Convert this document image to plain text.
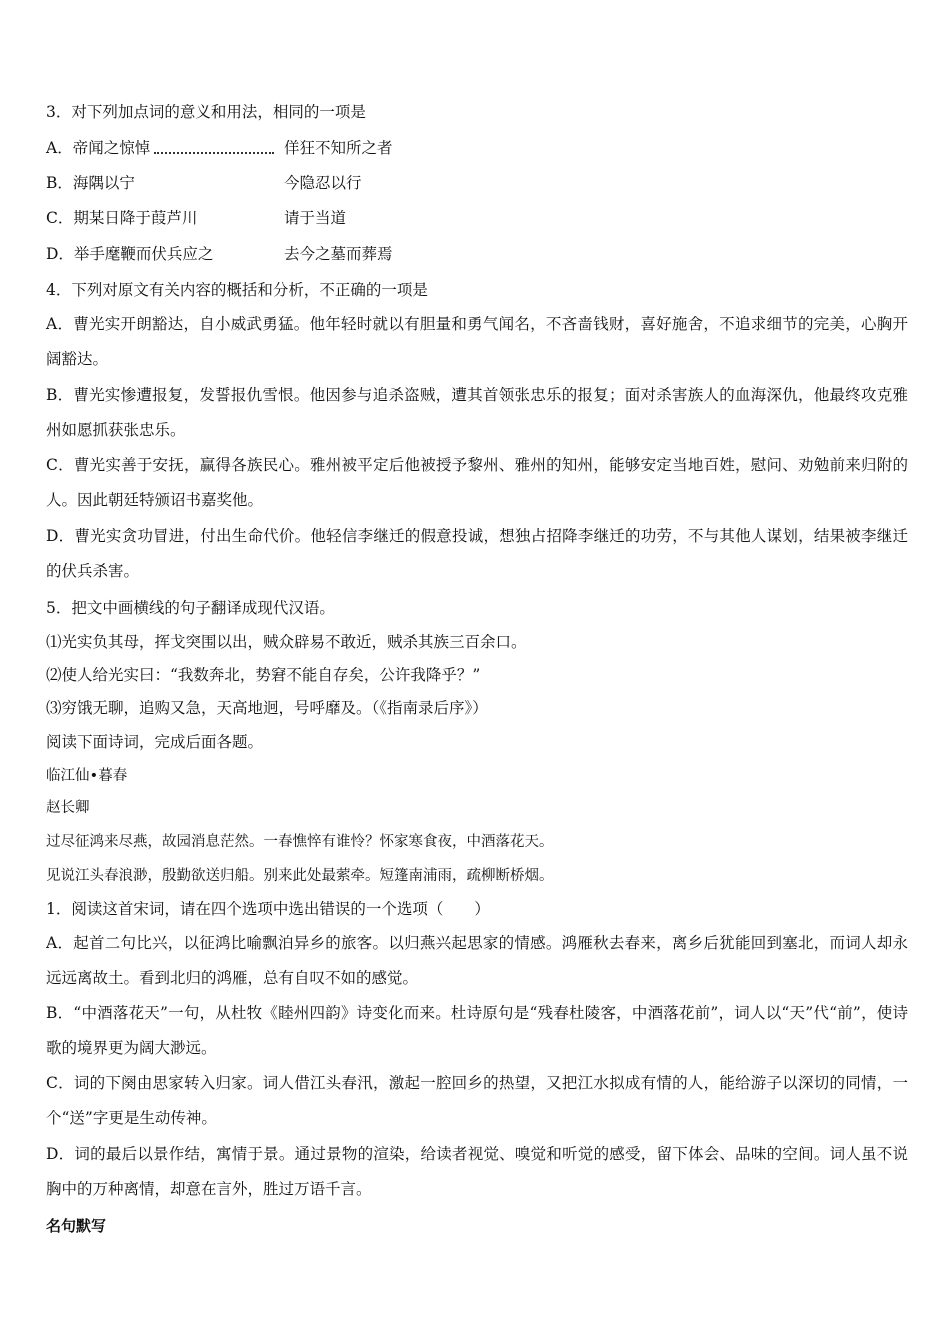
3．对下列加点词的意义和用法，相同的一项是
A．帝闻之惊悼	佯狂不知所之者
B．海隅以宁	今隐忍以行
C．期某日降于葭芦川	请于当道
D．举手麾鞭而伏兵应之	去今之墓而葬焉
4．下列对原文有关内容的概括和分析，不正确的一项是
A．曹光实开朗豁达，自小威武勇猛。他年轻时就以有胆量和勇气闻名，不吝啬钱财，喜好施舍，不追求细节的完美，心胸开阔豁达。
B．曹光实惨遭报复，发誓报仇雪恨。他因参与追杀盗贼，遭其首领张忠乐的报复；面对杀害族人的血海深仇，他最终攻克雅州如愿抓获张忠乐。
C．曹光实善于安抚，赢得各族民心。雅州被平定后他被授予黎州、雅州的知州，能够安定当地百姓，慰问、劝勉前来归附的人。因此朝廷特颁诏书嘉奖他。
D．曹光实贪功冒进，付出生命代价。他轻信李继迁的假意投诚，想独占招降李继迁的功劳，不与其他人谋划，结果被李继迁的伏兵杀害。
5．把文中画横线的句子翻译成现代汉语。
⑴光实负其母，挥戈突围以出，贼众辟易不敢近，贼杀其族三百余口。
⑵使人给光实曰：“我数奔北，势窘不能自存矣，公许我降乎？”
⑶穷饿无聊，追购又急，天高地迥，号呼靡及。（《指南录后序》）
阅读下面诗词，完成后面各题。
临江仙•暮春
赵长卿
过尽征鸿来尽燕，故园消息茫然。一春憔悴有谁怜？怀家寒食夜，中酒落花天。
见说江头春浪渺，殷勤欲送归船。别来此处最萦牵。短篷南浦雨，疏柳断桥烟。
1．阅读这首宋词，请在四个选项中选出错误的一个选项（　　）
A．起首二句比兴，以征鸿比喻飘泊异乡的旅客。以归燕兴起思家的情感。鸿雁秋去春来，离乡后犹能回到塞北，而词人却永远远离故土。看到北归的鸿雁，总有自叹不如的感觉。
B．“中酒落花天”一句，从杜牧《睦州四韵》诗变化而来。杜诗原句是“残春杜陵客，中酒落花前”，词人以“天”代“前”，使诗歌的境界更为阔大渺远。
C．词的下阕由思家转入归家。词人借江头春汛，激起一腔回乡的热望，又把江水拟成有情的人，能给游子以深切的同情，一个“送”字更是生动传神。
D．词的最后以景作结，寓情于景。通过景物的渲染，给读者视觉、嗅觉和听觉的感受，留下体会、品味的空间。词人虽不说胸中的万种离情，却意在言外，胜过万语千言。
名句默写
